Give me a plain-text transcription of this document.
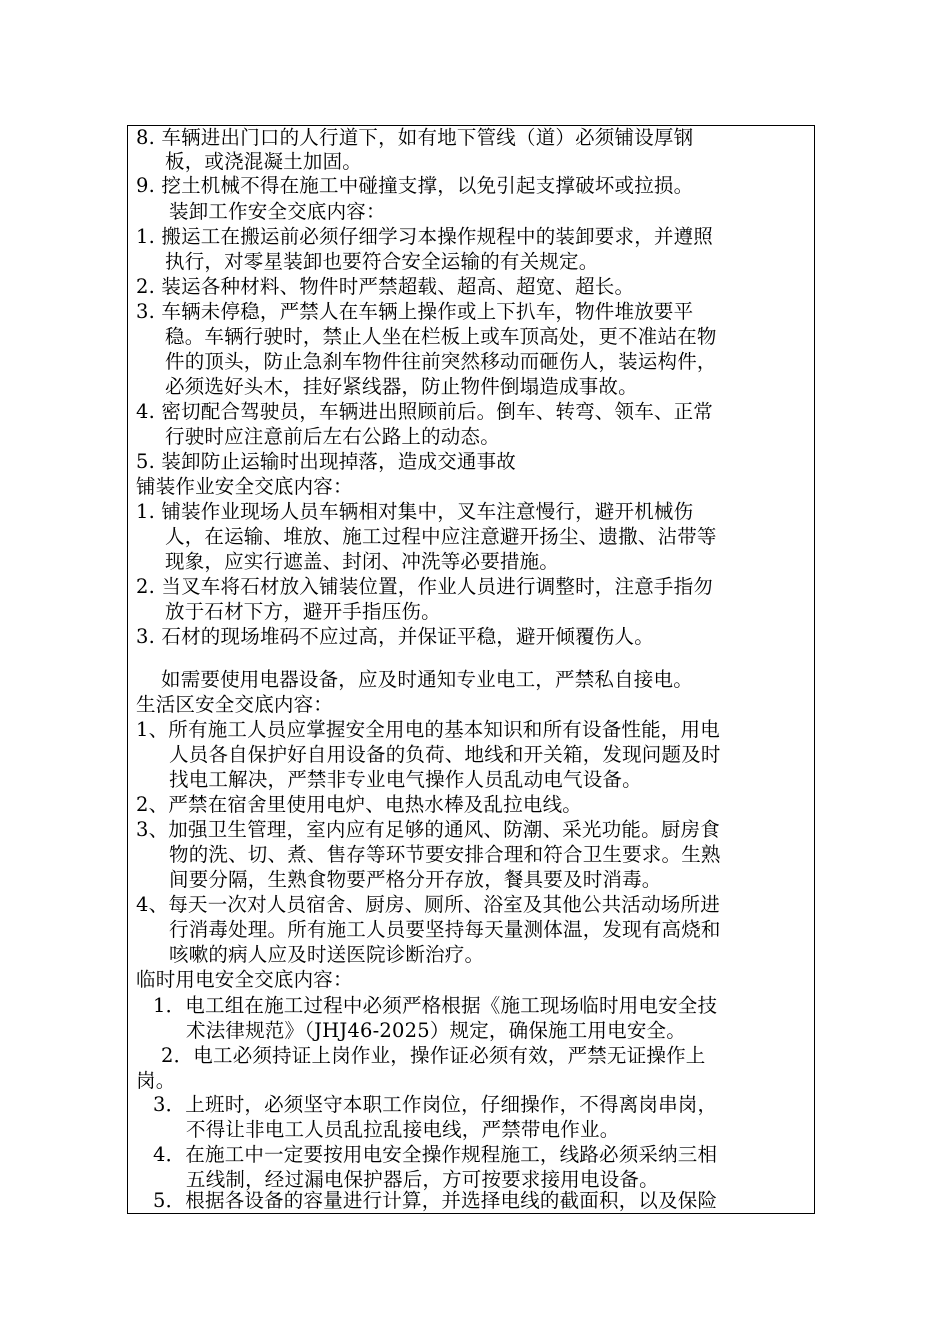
8. 车辆进出门口的人行道下，如有地下管线（道）必须铺设厚钢
板，或浇混凝土加固。
9. 挖土机械不得在施工中碰撞支撑，以免引起支撑破坏或拉损。
装卸工作安全交底内容：
1. 搬运工在搬运前必须仔细学习本操作规程中的装卸要求，并遵照
执行，对零星装卸也要符合安全运输的有关规定。
2. 装运各种材料、物件时严禁超载、超高、超宽、超长。
3. 车辆未停稳，严禁人在车辆上操作或上下扒车，物件堆放要平
稳。车辆行驶时，禁止人坐在栏板上或车顶高处，更不准站在物
件的顶头，防止急刹车物件往前突然移动而砸伤人，装运构件，
必须选好头木，挂好紧线器，防止物件倒塌造成事故。
4. 密切配合驾驶员，车辆进出照顾前后。倒车、转弯、领车、正常
行驶时应注意前后左右公路上的动态。
5. 装卸防止运输时出现掉落，造成交通事故
铺装作业安全交底内容：
1. 铺装作业现场人员车辆相对集中，叉车注意慢行，避开机械伤
人，在运输、堆放、施工过程中应注意避开扬尘、遗撒、沾带等
现象，应实行遮盖、封闭、冲洗等必要措施。
2. 当叉车将石材放入铺装位置，作业人员进行调整时，注意手指勿
放于石材下方，避开手指压伤。
3. 石材的现场堆码不应过高，并保证平稳，避开倾覆伤人。
如需要使用电器设备，应及时通知专业电工，严禁私自接电。
生活区安全交底内容：
1、所有施工人员应掌握安全用电的基本知识和所有设备性能，用电
人员各自保护好自用设备的负荷、地线和开关箱，发现问题及时
找电工解决，严禁非专业电气操作人员乱动电气设备。
2、严禁在宿舍里使用电炉、电热水棒及乱拉电线。
3、加强卫生管理，室内应有足够的通风、防潮、采光功能。厨房食
物的洗、切、煮、售存等环节要安排合理和符合卫生要求。生熟
间要分隔，生熟食物要严格分开存放，餐具要及时消毒。
4、每天一次对人员宿舍、厨房、厕所、浴室及其他公共活动场所进
行消毒处理。所有施工人员要坚持每天量测体温，发现有高烧和
咳嗽的病人应及时送医院诊断治疗。
临时用电安全交底内容：
1．电工组在施工过程中必须严格根据《施工现场临时用电安全技
术法律规范》（JHJ46-2025）规定，确保施工用电安全。
2．电工必须持证上岗作业，操作证必须有效，严禁无证操作上
岗。
3．上班时，必须坚守本职工作岗位，仔细操作，不得离岗串岗，
不得让非电工人员乱拉乱接电线，严禁带电作业。
4．在施工中一定要按用电安全操作规程施工，线路必须采纳三相
五线制，经过漏电保护器后，方可按要求接用电设备。
5．根据各设备的容量进行计算，并选择电线的截面积，以及保险
